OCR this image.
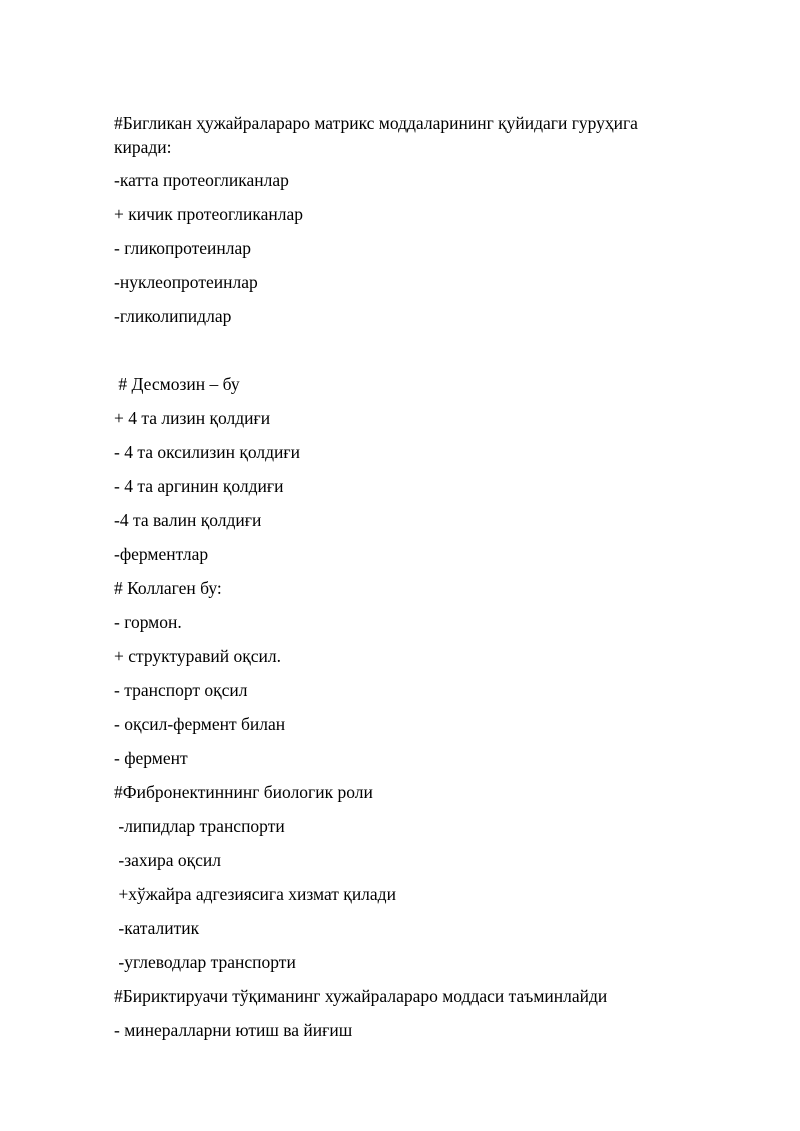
#Бигликан ҳужайралараро матрикс моддаларининг қуйидаги гуруҳига киради:

-катта протеогликанлар

+ кичик протеогликанлар

- гликопротеинлар

-нуклеопротеинлар

-гликолипидлар

# Десмозин – бу

+ 4 та лизин қолдиғи

- 4 та оксилизин қолдиғи

- 4 та аргинин қолдиғи

-4 та валин қолдиғи

-ферментлар

# Коллаген бу:

- гормон.

+ структуравий оқсил.

- транспорт оқсил

- оқсил-фермент билан

- фермент

#Фибронектиннинг биологик роли

-липидлар транспорти

-захира оқсил

+хўжайра адгезиясига хизмат қилади

-каталитик

-углеводлар транспорти

#Бириктируачи тўқиманинг хужайралараро моддаси таъминлайди

- минералларни ютиш ва йиғиш
